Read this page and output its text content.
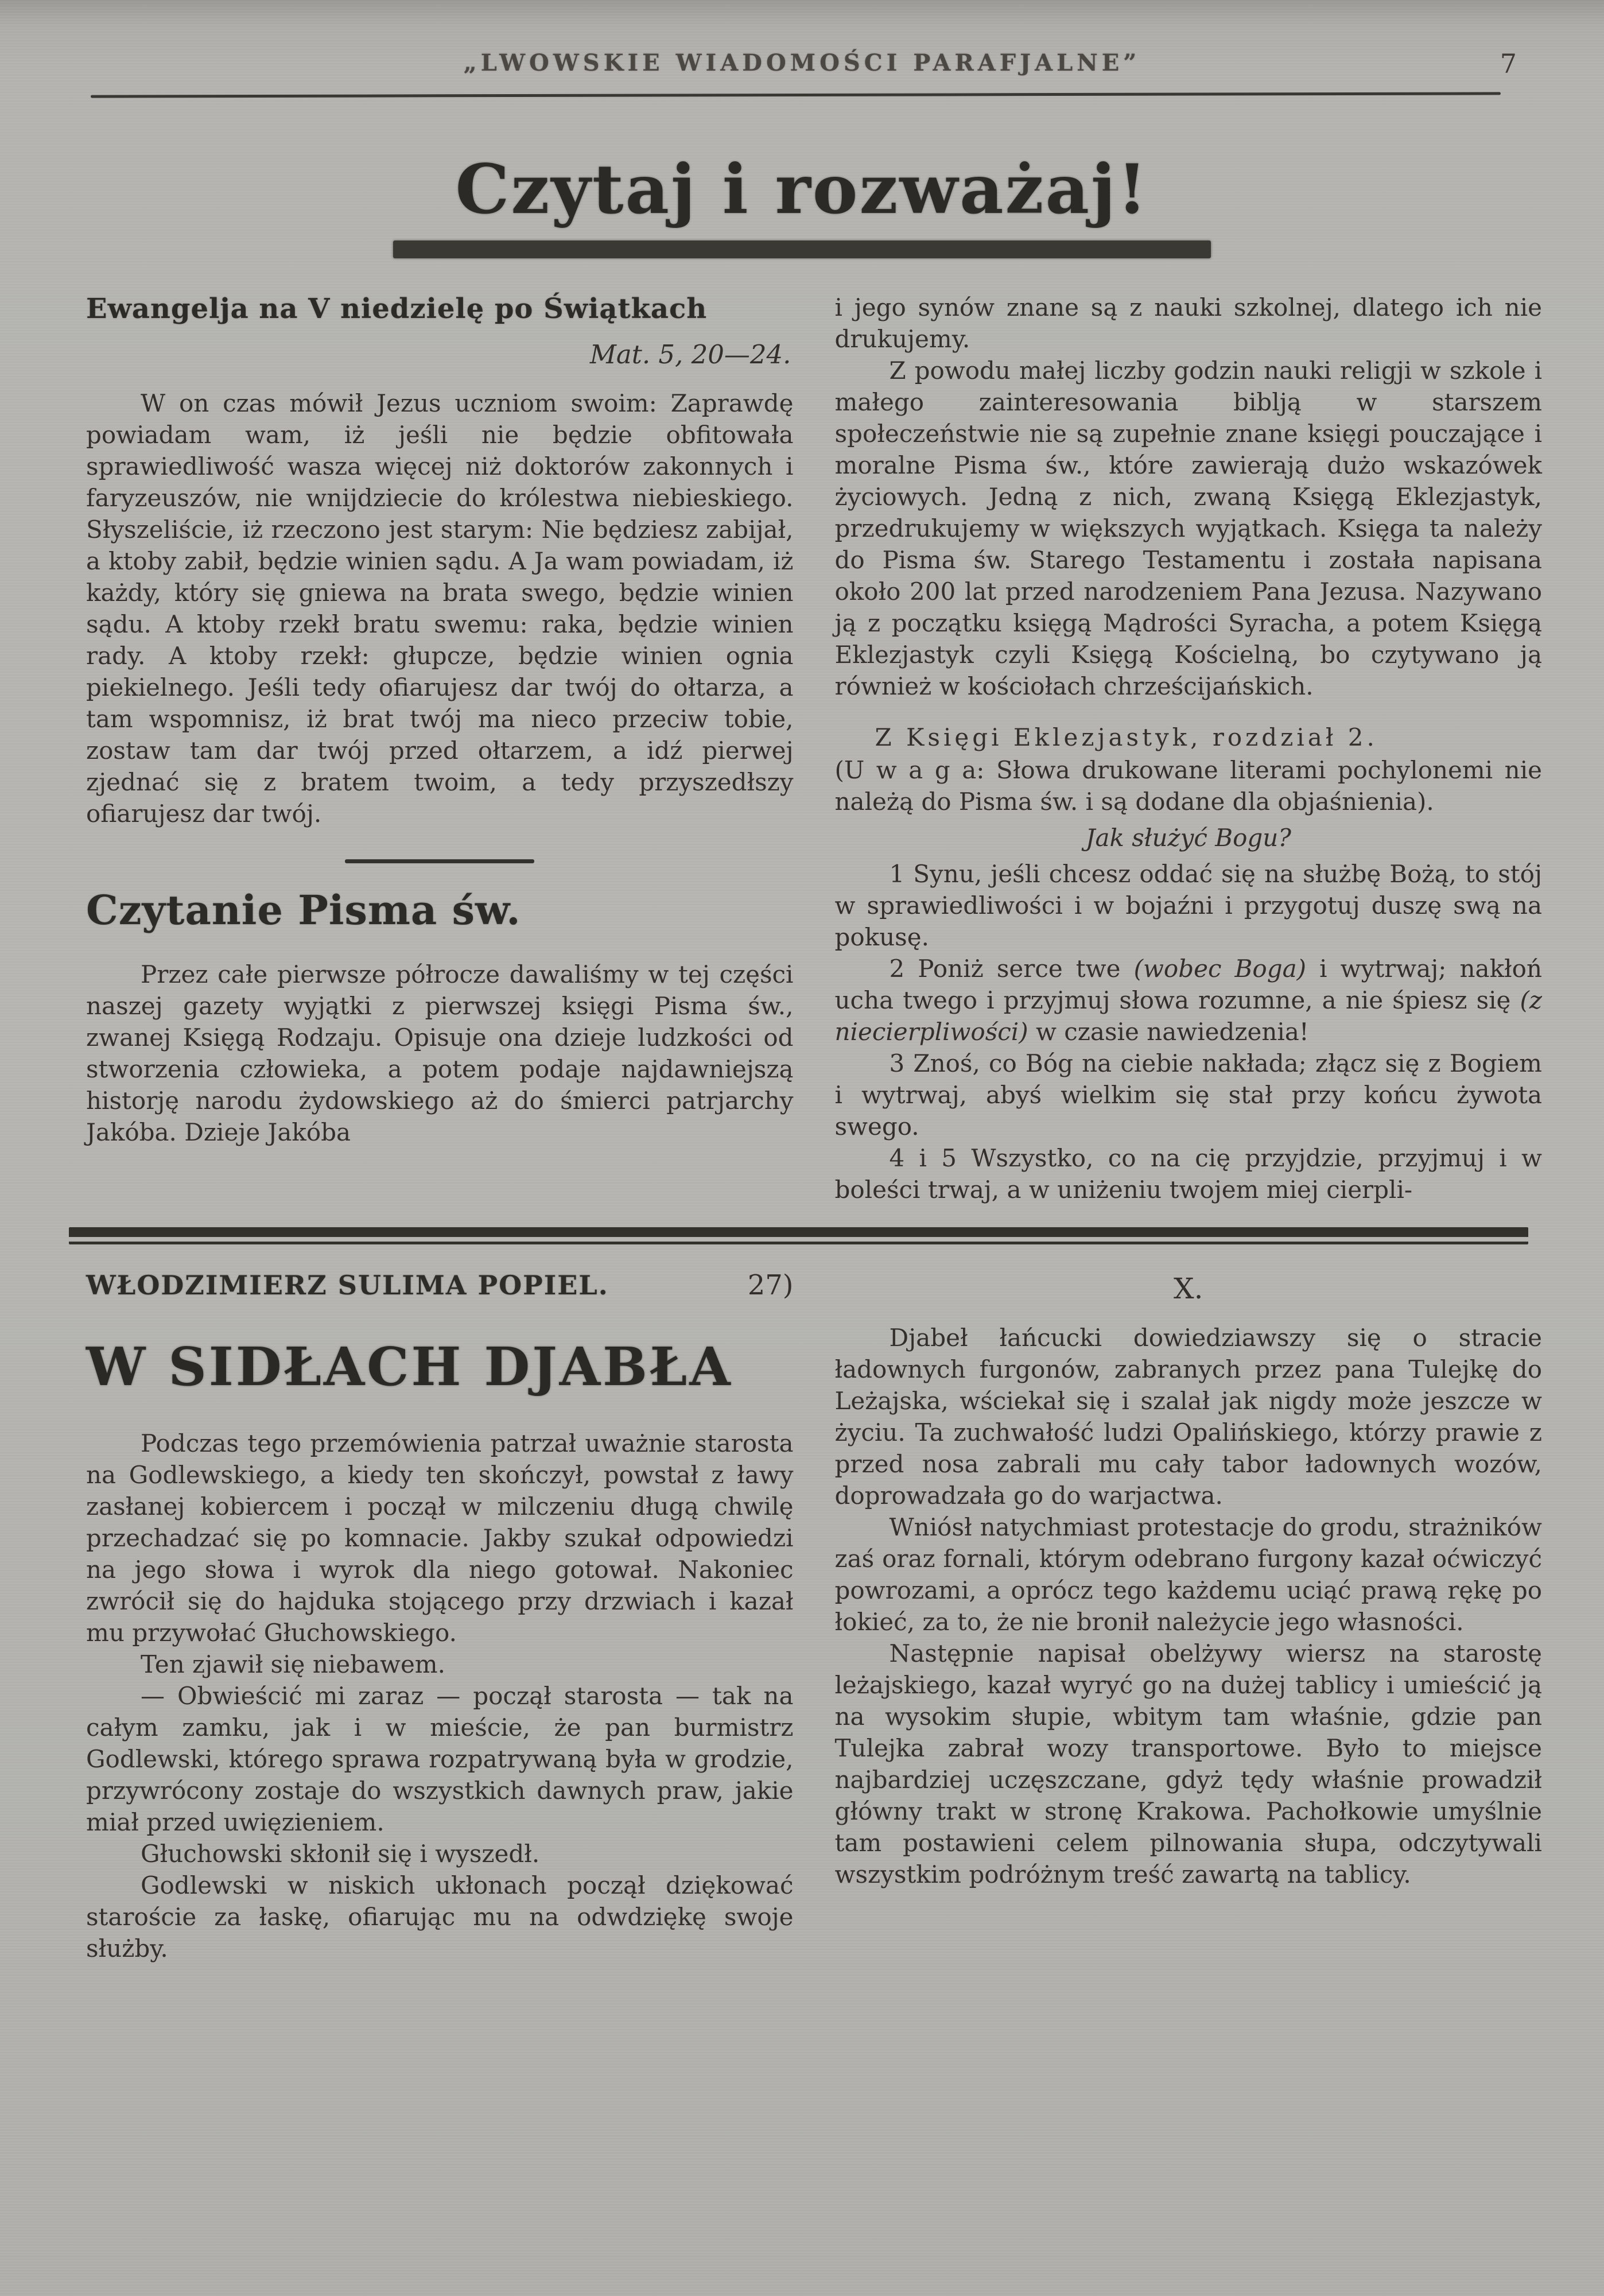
„LWOWSKIE WIADOMOŚCI PARAFJALNE”	7
Czytaj i rozważaj!
Ewangelja na V niedzielę po Świątkach
Mat. 5, 20—24.

W on czas mówił Jezus uczniom swoim: Zaprawdę powiadam wam, iż jeśli nie będzie obfitowała sprawiedliwość wasza więcej niż doktorów zakonnych i faryzeuszów, nie wnijdziecie do królestwa niebieskiego. Słyszeliście, iż rzeczono jest starym: Nie będziesz zabijał, a ktoby zabił, będzie winien sądu. A Ja wam powiadam, iż każdy, który się gniewa na brata swego, będzie winien sądu. A ktoby rzekł bratu swemu: raka, będzie winien rady. A ktoby rzekł: głupcze, będzie winien ognia piekielnego. Jeśli tedy ofiarujesz dar twój do ołtarza, a tam wspomnisz, iż brat twój ma nieco przeciw tobie, zostaw tam dar twój przed ołtarzem, a idź pierwej zjednać się z bratem twoim, a tedy przyszedłszy ofiarujesz dar twój.

Czytanie Pisma św.

Przez całe pierwsze półrocze dawaliśmy w tej części naszej gazety wyjątki z pierwszej księgi Pisma św., zwanej Księgą Rodzaju. Opisuje ona dzieje ludzkości od stworzenia człowieka, a potem podaje najdawniejszą historję narodu żydowskiego aż do śmierci patrjarchy Jakóba. Dzieje Jakóba

i jego synów znane są z nauki szkolnej, dlatego ich nie drukujemy.

Z powodu małej liczby godzin nauki religji w szkole i małego zainteresowania biblją w starszem społeczeństwie nie są zupełnie znane księgi pouczające i moralne Pisma św., które zawierają dużo wskazówek życiowych. Jedną z nich, zwaną Księgą Eklezjastyk, przedrukujemy w większych wyjątkach. Księga ta należy do Pisma św. Starego Testamentu i została napisana około 200 lat przed narodzeniem Pana Jezusa. Nazywano ją z początku księgą Mądrości Syracha, a potem Księgą Eklezjastyk czyli Księgą Kościelną, bo czytywano ją również w kościołach chrześcijańskich.

Z Księgi Eklezjastyk, rozdział 2.

(U w a g a: Słowa drukowane literami pochylonemi nie należą do Pisma św. i są dodane dla objaśnienia).

Jak służyć Bogu?

1 Synu, jeśli chcesz oddać się na służbę Bożą, to stój w sprawiedliwości i w bojaźni i przygotuj duszę swą na pokusę.

2 Poniż serce twe (wobec Boga) i wytrwaj; nakłoń ucha twego i przyjmuj słowa rozumne, a nie śpiesz się (z niecierpliwości) w czasie nawiedzenia!

3 Znoś, co Bóg na ciebie nakłada; złącz się z Bogiem i wytrwaj, abyś wielkim się stał przy końcu żywota swego.

4 i 5 Wszystko, co na cię przyjdzie, przyjmuj i w boleści trwaj, a w uniżeniu twojem miej cierpli-

WŁODZIMIERZ SULIMA POPIEL.	27)
W SIDŁACH DJABŁA

Podczas tego przemówienia patrzał uważnie starosta na Godlewskiego, a kiedy ten skończył, powstał z ławy zasłanej kobiercem i począł w milczeniu długą chwilę przechadzać się po komnacie. Jakby szukał odpowiedzi na jego słowa i wyrok dla niego gotował. Nakoniec zwrócił się do hajduka stojącego przy drzwiach i kazał mu przywołać Głuchowskiego.

Ten zjawił się niebawem.

— Obwieścić mi zaraz — począł starosta — tak na całym zamku, jak i w mieście, że pan burmistrz Godlewski, którego sprawa rozpatrywaną była w grodzie, przywrócony zostaje do wszystkich dawnych praw, jakie miał przed uwięzieniem.

Głuchowski skłonił się i wyszedł.

Godlewski w niskich ukłonach począł dziękować staroście za łaskę, ofiarując mu na odwdziękę swoje służby.

X.

Djabeł łańcucki dowiedziawszy się o stracie ładownych furgonów, zabranych przez pana Tulejkę do Leżajska, wściekał się i szalał jak nigdy może jeszcze w życiu. Ta zuchwałość ludzi Opalińskiego, którzy prawie z przed nosa zabrali mu cały tabor ładownych wozów, doprowadzała go do warjactwa.

Wniósł natychmiast protestacje do grodu, strażników zaś oraz fornali, którym odebrano furgony kazał oćwiczyć powrozami, a oprócz tego każdemu uciąć prawą rękę po łokieć, za to, że nie bronił należycie jego własności.

Następnie napisał obelżywy wiersz na starostę leżajskiego, kazał wyryć go na dużej tablicy i umieścić ją na wysokim słupie, wbitym tam właśnie, gdzie pan Tulejka zabrał wozy transportowe. Było to miejsce najbardziej uczęszczane, gdyż tędy właśnie prowadził główny trakt w stronę Krakowa. Pachołkowie umyślnie tam postawieni celem pilnowania słupa, odczytywali wszystkim podróżnym treść zawartą na tablicy.
